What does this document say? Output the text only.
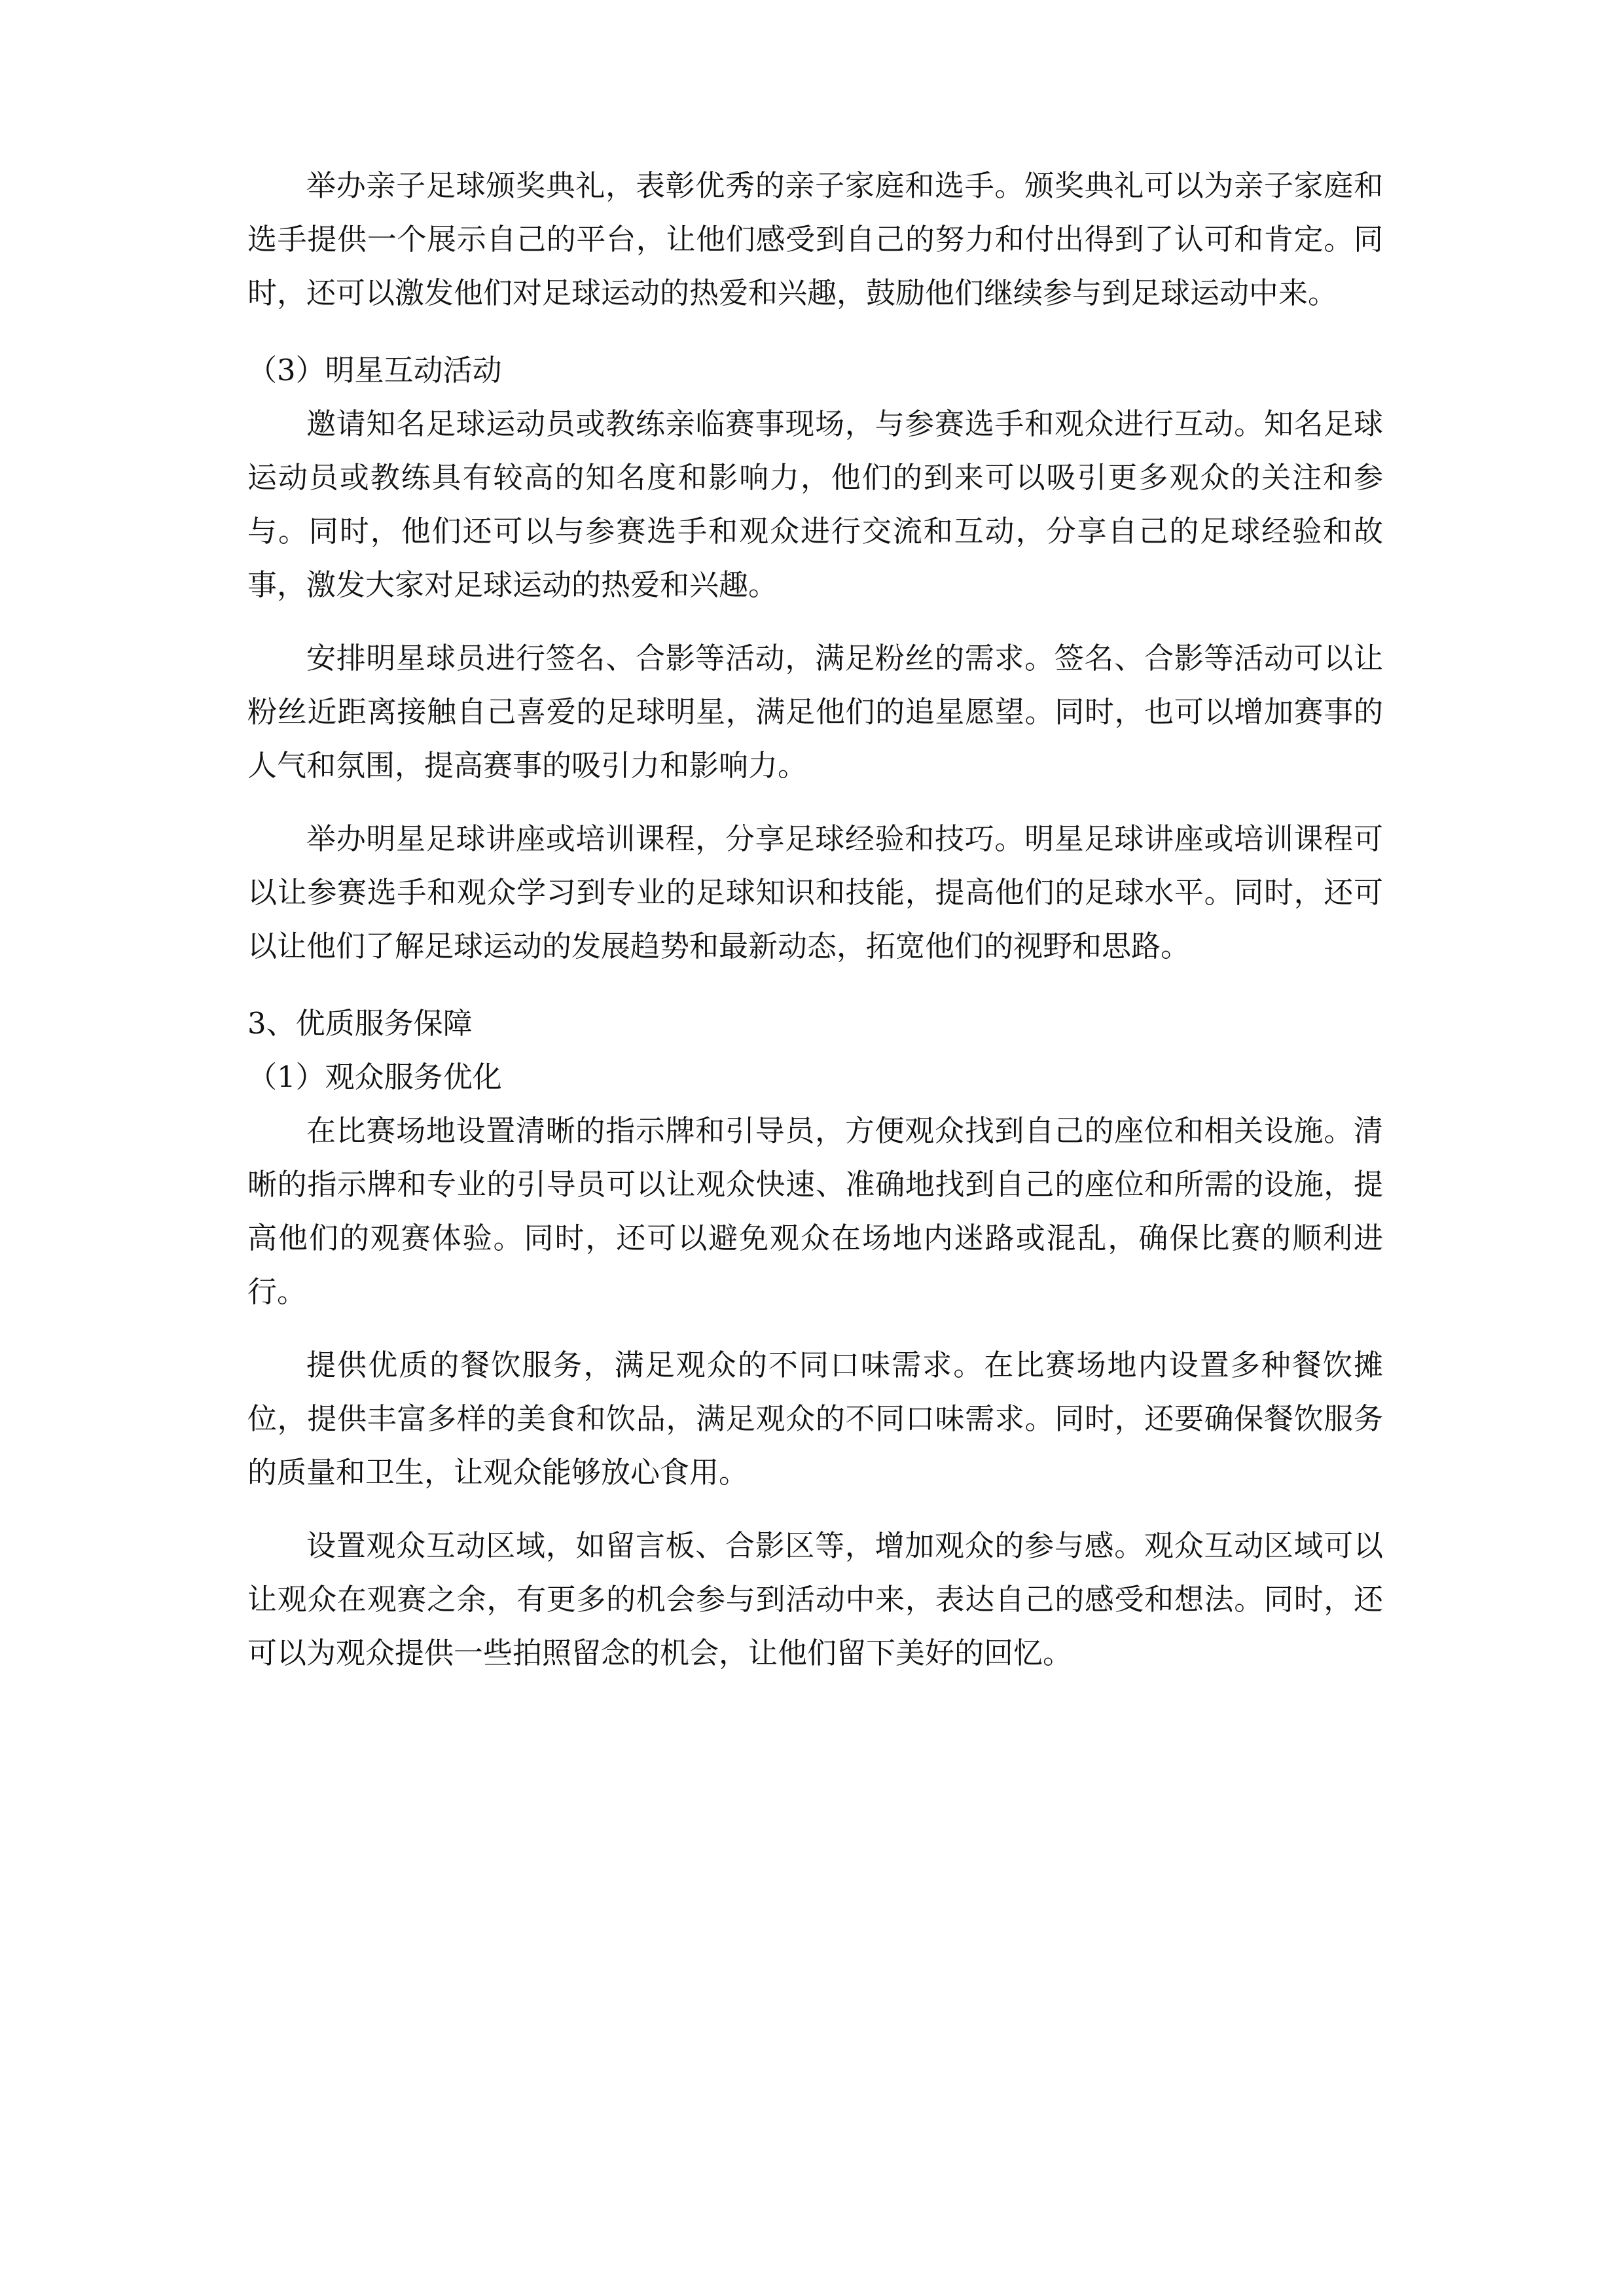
举办亲子足球颁奖典礼，表彰优秀的亲子家庭和选手。颁奖典礼可以为亲子家庭和选手提供一个展示自己的平台，让他们感受到自己的努力和付出得到了认可和肯定。同时，还可以激发他们对足球运动的热爱和兴趣，鼓励他们继续参与到足球运动中来。

（3）明星互动活动

邀请知名足球运动员或教练亲临赛事现场，与参赛选手和观众进行互动。知名足球运动员或教练具有较高的知名度和影响力，他们的到来可以吸引更多观众的关注和参与。同时，他们还可以与参赛选手和观众进行交流和互动，分享自己的足球经验和故事，激发大家对足球运动的热爱和兴趣。

安排明星球员进行签名、合影等活动，满足粉丝的需求。签名、合影等活动可以让粉丝近距离接触自己喜爱的足球明星，满足他们的追星愿望。同时，也可以增加赛事的人气和氛围，提高赛事的吸引力和影响力。

举办明星足球讲座或培训课程，分享足球经验和技巧。明星足球讲座或培训课程可以让参赛选手和观众学习到专业的足球知识和技能，提高他们的足球水平。同时，还可以让他们了解足球运动的发展趋势和最新动态，拓宽他们的视野和思路。

3、优质服务保障

（1）观众服务优化

在比赛场地设置清晰的指示牌和引导员，方便观众找到自己的座位和相关设施。清晰的指示牌和专业的引导员可以让观众快速、准确地找到自己的座位和所需的设施，提高他们的观赛体验。同时，还可以避免观众在场地内迷路或混乱，确保比赛的顺利进行。

提供优质的餐饮服务，满足观众的不同口味需求。在比赛场地内设置多种餐饮摊位，提供丰富多样的美食和饮品，满足观众的不同口味需求。同时，还要确保餐饮服务的质量和卫生，让观众能够放心食用。

设置观众互动区域，如留言板、合影区等，增加观众的参与感。观众互动区域可以让观众在观赛之余，有更多的机会参与到活动中来，表达自己的感受和想法。同时，还可以为观众提供一些拍照留念的机会，让他们留下美好的回忆。
